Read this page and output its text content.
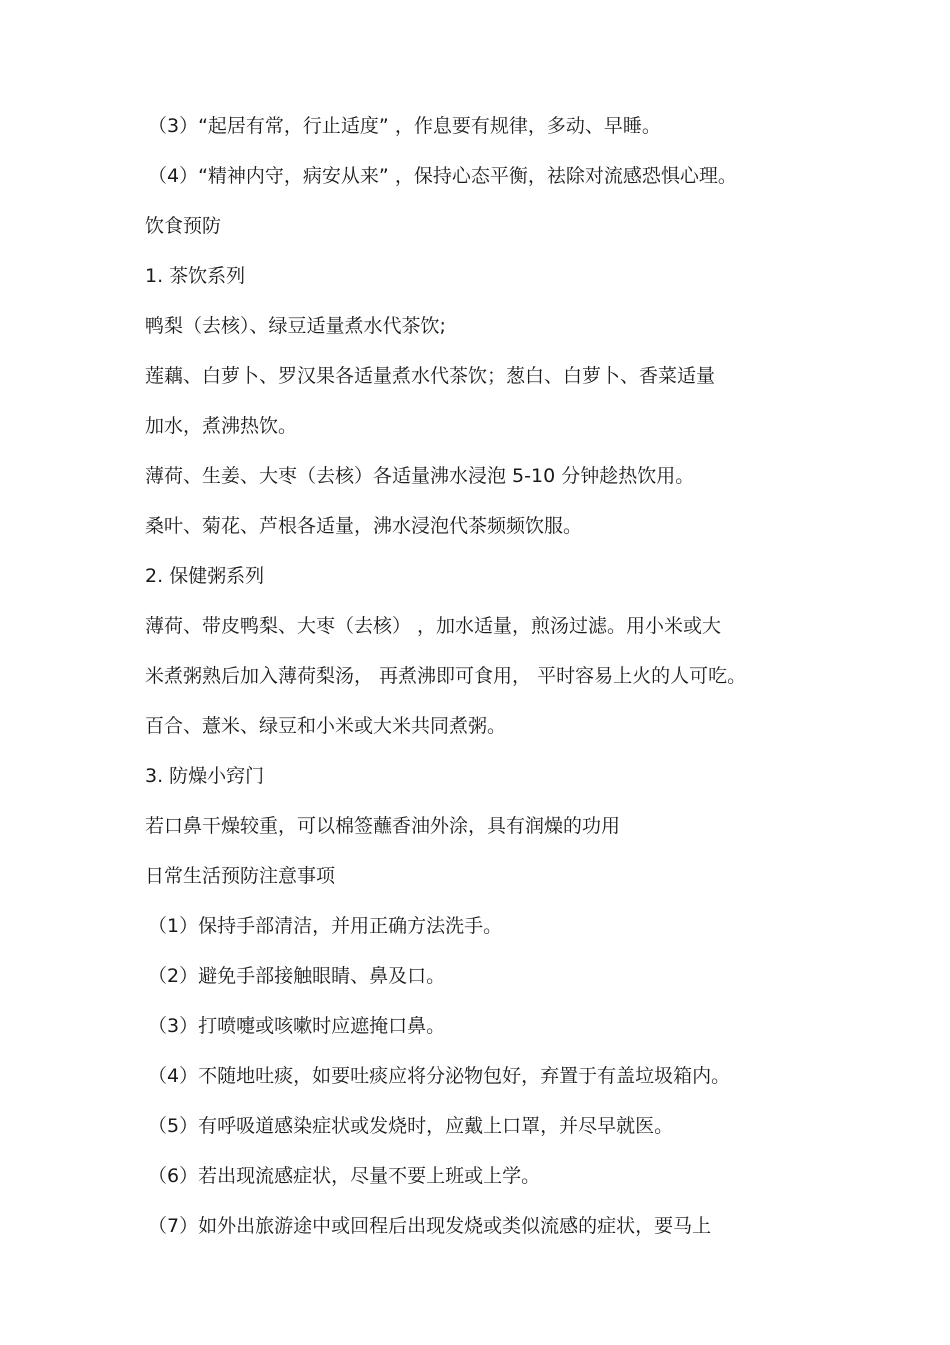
（3）“起居有常，行止适度” ，作息要有规律，多动、早睡。
（4）“精神内守，病安从来” ，保持心态平衡，祛除对流感恐惧心理。
饮食预防
1. 茶饮系列
鸭梨（去核）、绿豆适量煮水代茶饮;
莲藕、白萝卜、罗汉果各适量煮水代茶饮；葱白、白萝卜、香菜适量
加水，煮沸热饮。
薄荷、生姜、大枣（去核）各适量沸水浸泡 5-10 分钟趁热饮用。
桑叶、菊花、芦根各适量，沸水浸泡代茶频频饮服。
2. 保健粥系列
薄荷、带皮鸭梨、大枣（去核） ，加水适量，煎汤过滤。用小米或大
米煮粥熟后加入薄荷梨汤， 再煮沸即可食用， 平时容易上火的人可吃。
百合、薏米、绿豆和小米或大米共同煮粥。
3. 防燥小窍门
若口鼻干燥较重，可以棉签蘸香油外涂，具有润燥的功用
日常生活预防注意事项
（1）保持手部清洁，并用正确方法洗手。
（2）避免手部接触眼睛、鼻及口。
（3）打喷嚏或咳嗽时应遮掩口鼻。
（4）不随地吐痰，如要吐痰应将分泌物包好，弃置于有盖垃圾箱内。
（5）有呼吸道感染症状或发烧时，应戴上口罩，并尽早就医。
（6）若出现流感症状，尽量不要上班或上学。
（7）如外出旅游途中或回程后出现发烧或类似流感的症状，要马上
